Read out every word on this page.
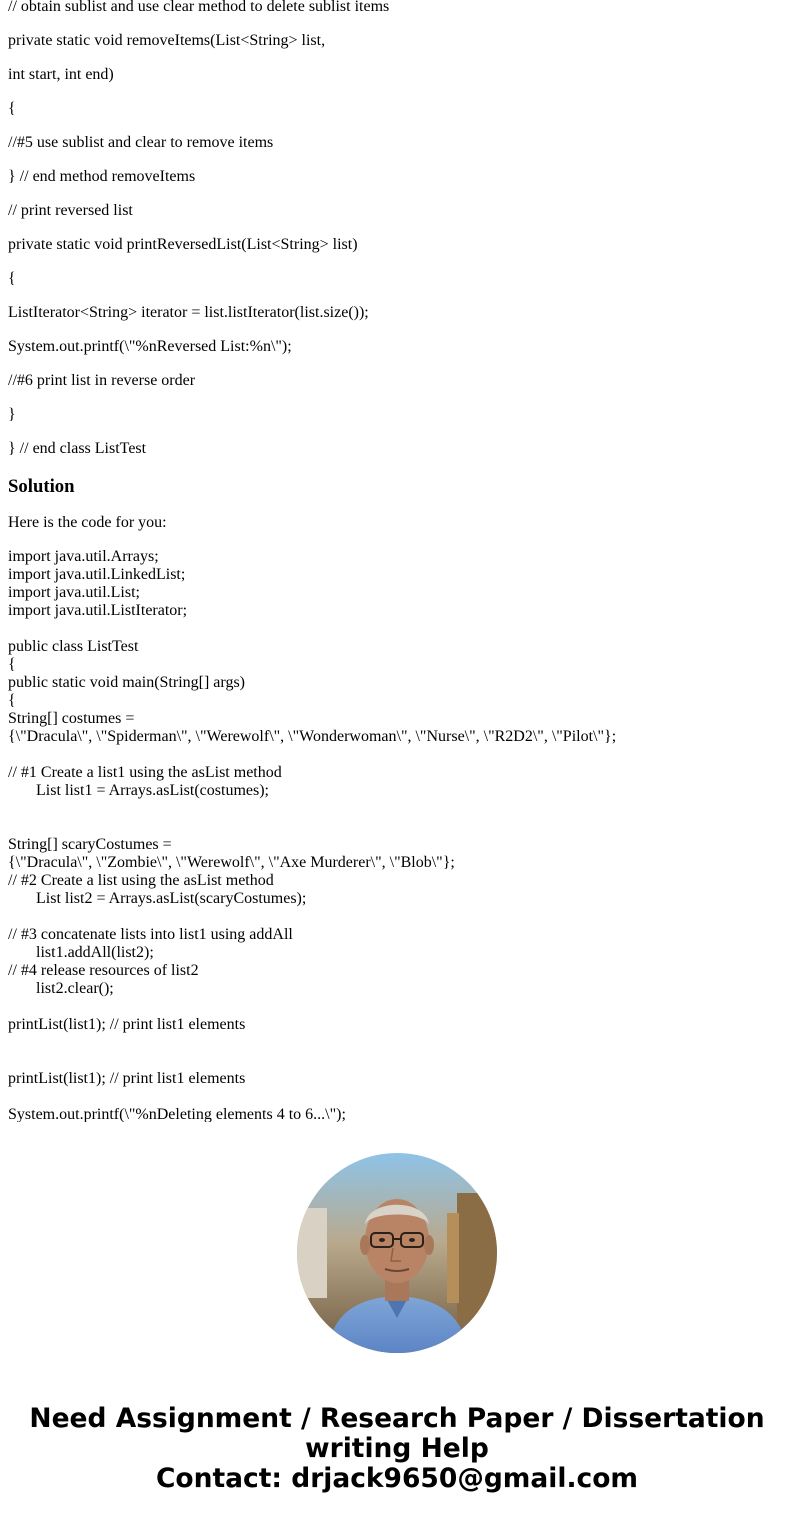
// obtain sublist and use clear method to delete sublist items

private static void removeItems(List<String> list,

int start, int end)

{

//#5 use sublist and clear to remove items

} // end method removeItems

// print reversed list

private static void printReversedList(List<String> list)

{

ListIterator<String> iterator = list.listIterator(list.size());

System.out.printf(\"%nReversed List:%n\");

//#6 print list in reverse order

}

} // end class ListTest

Solution

Here is the code for you:

import java.util.Arrays;
import java.util.LinkedList;
import java.util.List;
import java.util.ListIterator;
public class ListTest
{
public static void main(String[] args)
{
String[] costumes =
{\"Dracula\", \"Spiderman\", \"Werewolf\", \"Wonderwoman\", \"Nurse\", \"R2D2\", \"Pilot\"};
// #1 Create a list1 using the asList method
List list1 = Arrays.asList(costumes);
String[] scaryCostumes =
{\"Dracula\", \"Zombie\", \"Werewolf\", \"Axe Murderer\", \"Blob\"};
// #2 Create a list using the asList method
List list2 = Arrays.asList(scaryCostumes);
// #3 concatenate lists into list1 using addAll
list1.addAll(list2);
// #4 release resources of list2
list2.clear();
printList(list1); // print list1 elements
printList(list1); // print list1 elements
System.out.printf(\"%nDeleting elements 4 to 6...\");
Need Assignment / Research Paper / Dissertation
writing Help
Contact: drjack9650@gmail.com
